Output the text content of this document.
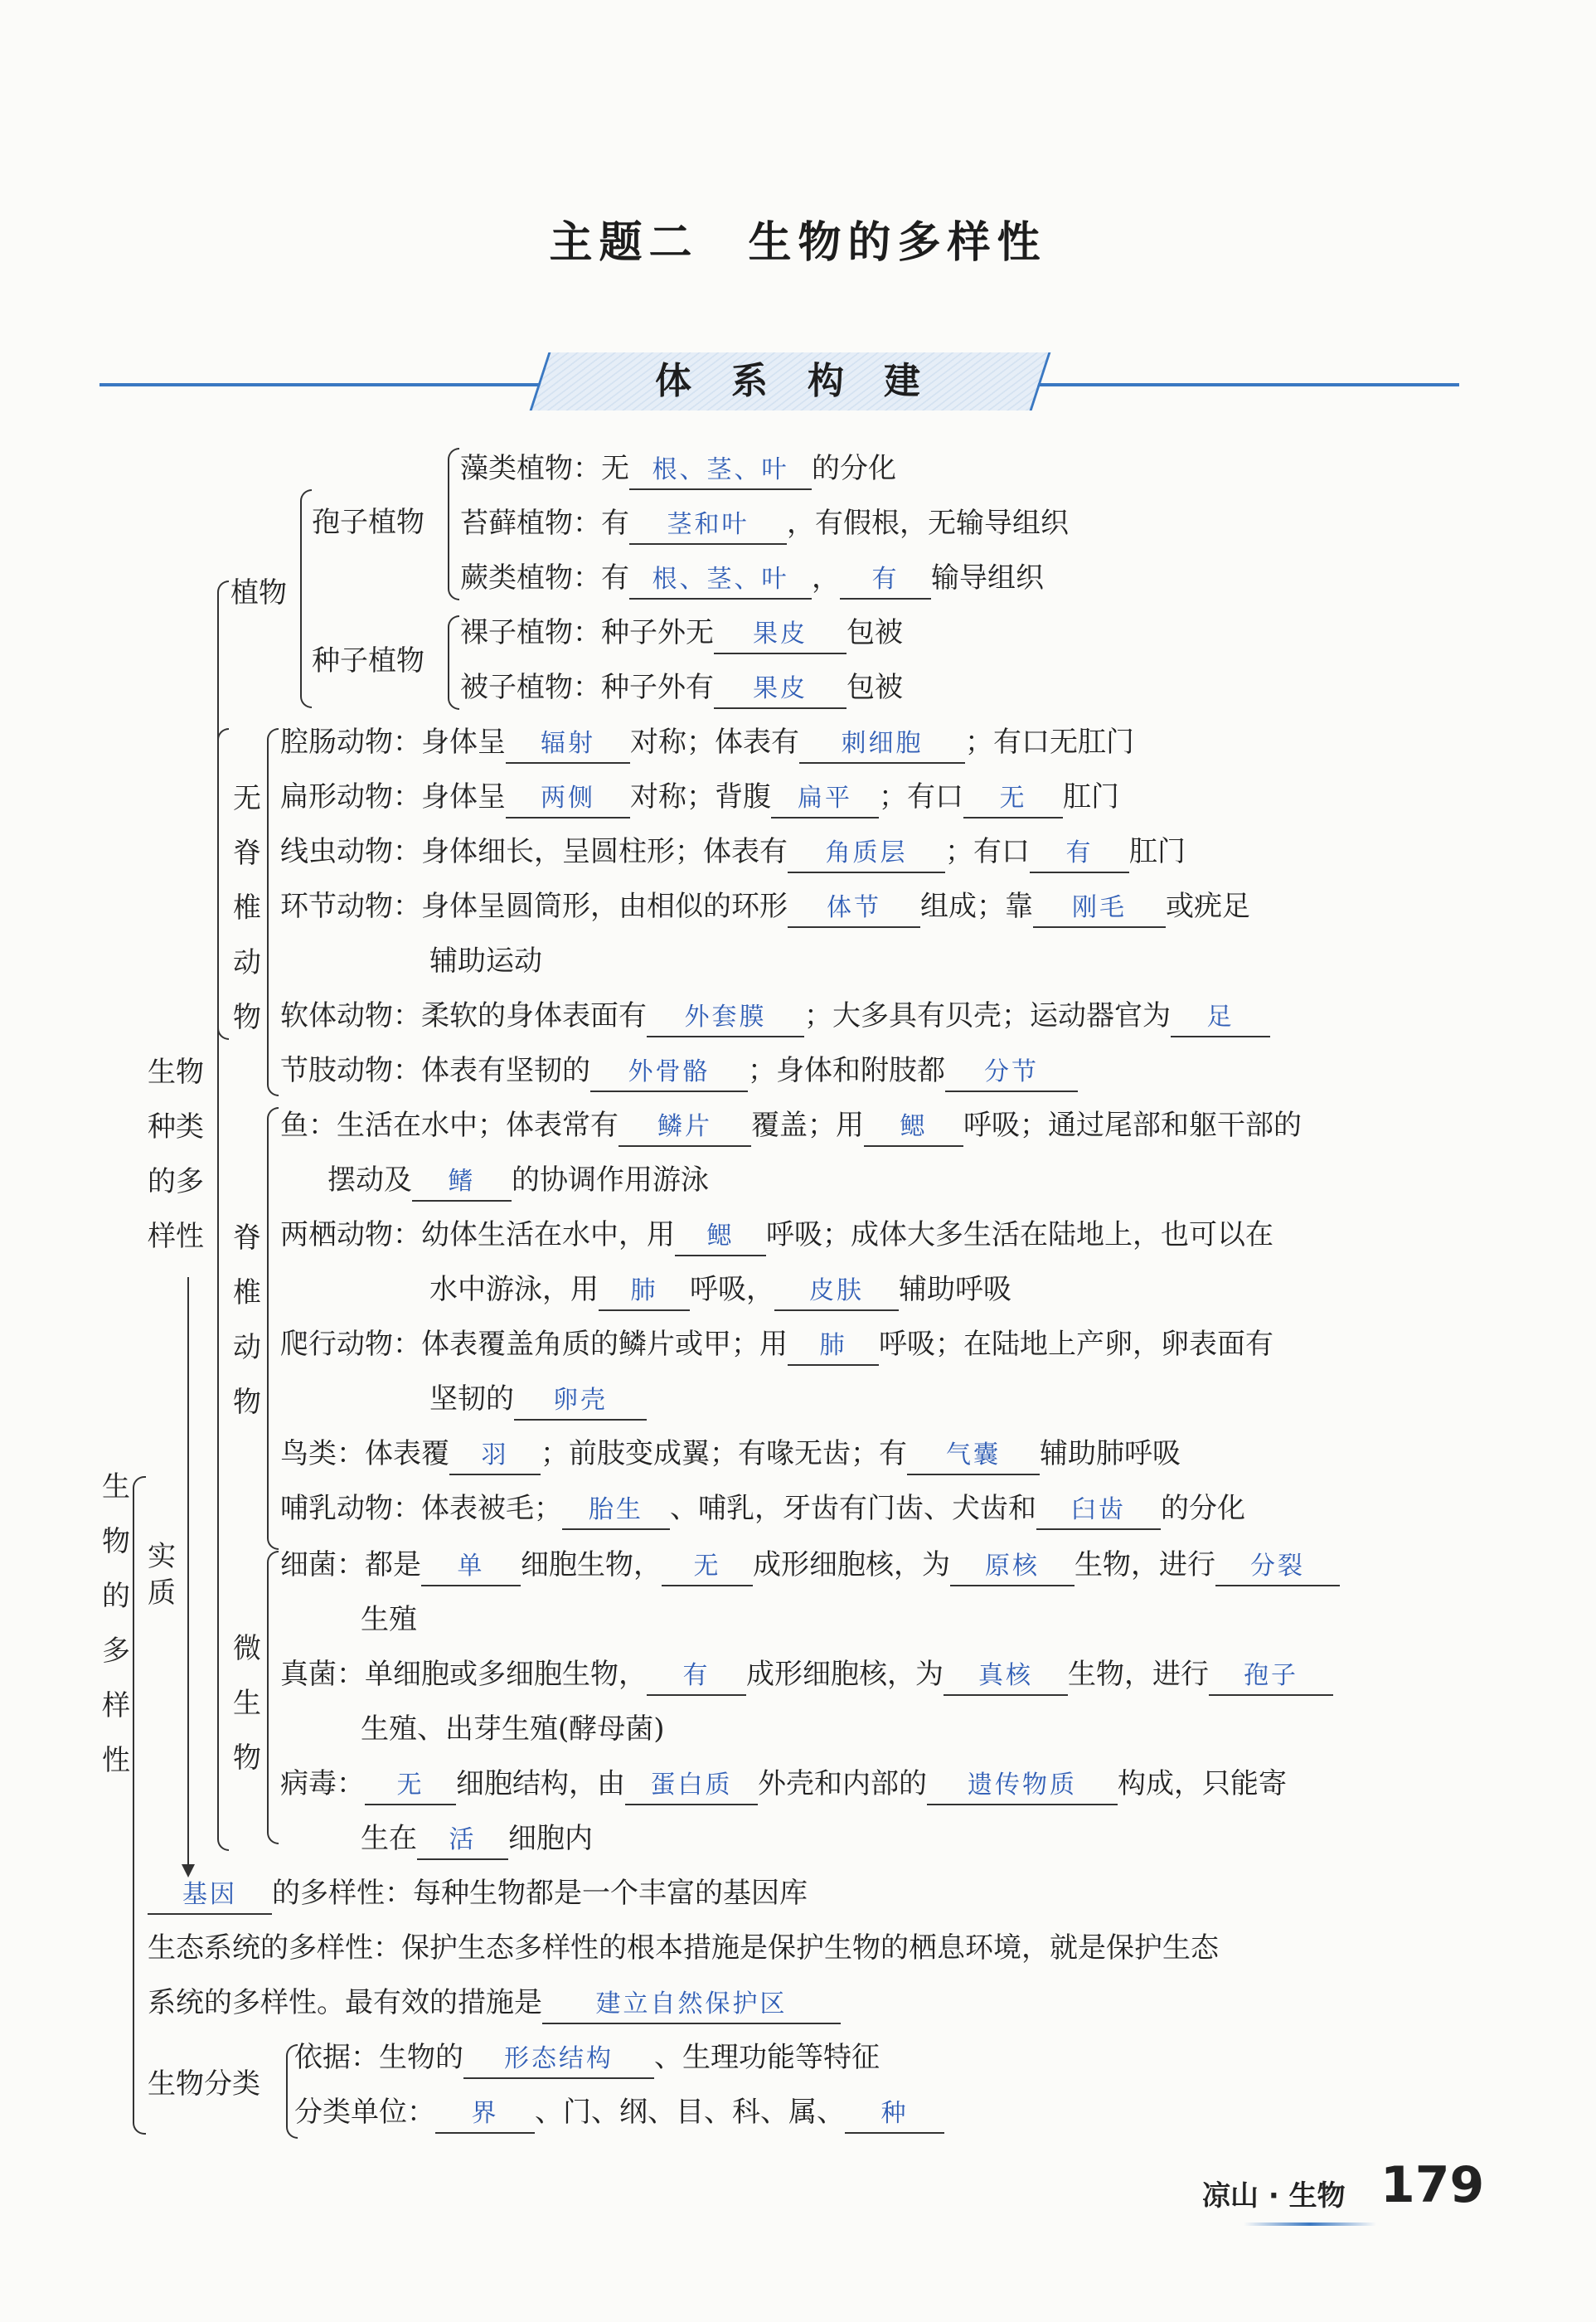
主题二　生物的多样性
体系构建
生
物
的
多
样
性
实质
生物种类的多样性
植物
孢子植物
种子植物
无
脊
椎
动
物
脊
椎
动
物
微
生
物
生物分类
藻类植物：无 根、茎、叶 的分化
苔藓植物：有 茎和叶 ，有假根，无输导组织
蕨类植物：有 根、茎、叶 ， 有 输导组织
裸子植物：种子外无 果皮 包被
被子植物：种子外有 果皮 包被
腔肠动物：身体呈 辐射 对称；体表有 刺细胞 ；有口无肛门
扁形动物：身体呈 两侧 对称；背腹 扁平 ；有口 无 肛门
线虫动物：身体细长，呈圆柱形；体表有 角质层 ；有口 有 肛门
环节动物：身体呈圆筒形，由相似的环形 体节 组成；靠 刚毛 或疣足
辅助运动
软体动物：柔软的身体表面有 外套膜 ；大多具有贝壳；运动器官为 足
节肢动物：体表有坚韧的 外骨骼 ；身体和附肢都 分节
鱼：生活在水中；体表常有 鳞片 覆盖；用 鳃 呼吸；通过尾部和躯干部的
摆动及 鳍 的协调作用游泳
两栖动物：幼体生活在水中，用 鳃 呼吸；成体大多生活在陆地上，也可以在
水中游泳，用 肺 呼吸， 皮肤 辅助呼吸
爬行动物：体表覆盖角质的鳞片或甲；用 肺 呼吸；在陆地上产卵，卵表面有
坚韧的 卵壳
鸟类：体表覆 羽 ；前肢变成翼；有喙无齿；有 气囊 辅助肺呼吸
哺乳动物：体表被毛； 胎生 、哺乳，牙齿有门齿、犬齿和 臼齿 的分化
细菌：都是 单 细胞生物， 无 成形细胞核，为 原核 生物，进行 分裂
生殖
真菌：单细胞或多细胞生物， 有 成形细胞核，为 真核 生物，进行 孢子
生殖、出芽生殖(酵母菌)
病毒： 无 细胞结构，由 蛋白质 外壳和内部的 遗传物质 构成，只能寄
生在 活 细胞内
基因 的多样性：每种生物都是一个丰富的基因库
生态系统的多样性：保护生态多样性的根本措施是保护生物的栖息环境，就是保护生态
系统的多样性。最有效的措施是 建立自然保护区
依据：生物的 形态结构 、生理功能等特征
分类单位： 界 、门、纲、目、科、属、 种
凉山 · 生物 179
